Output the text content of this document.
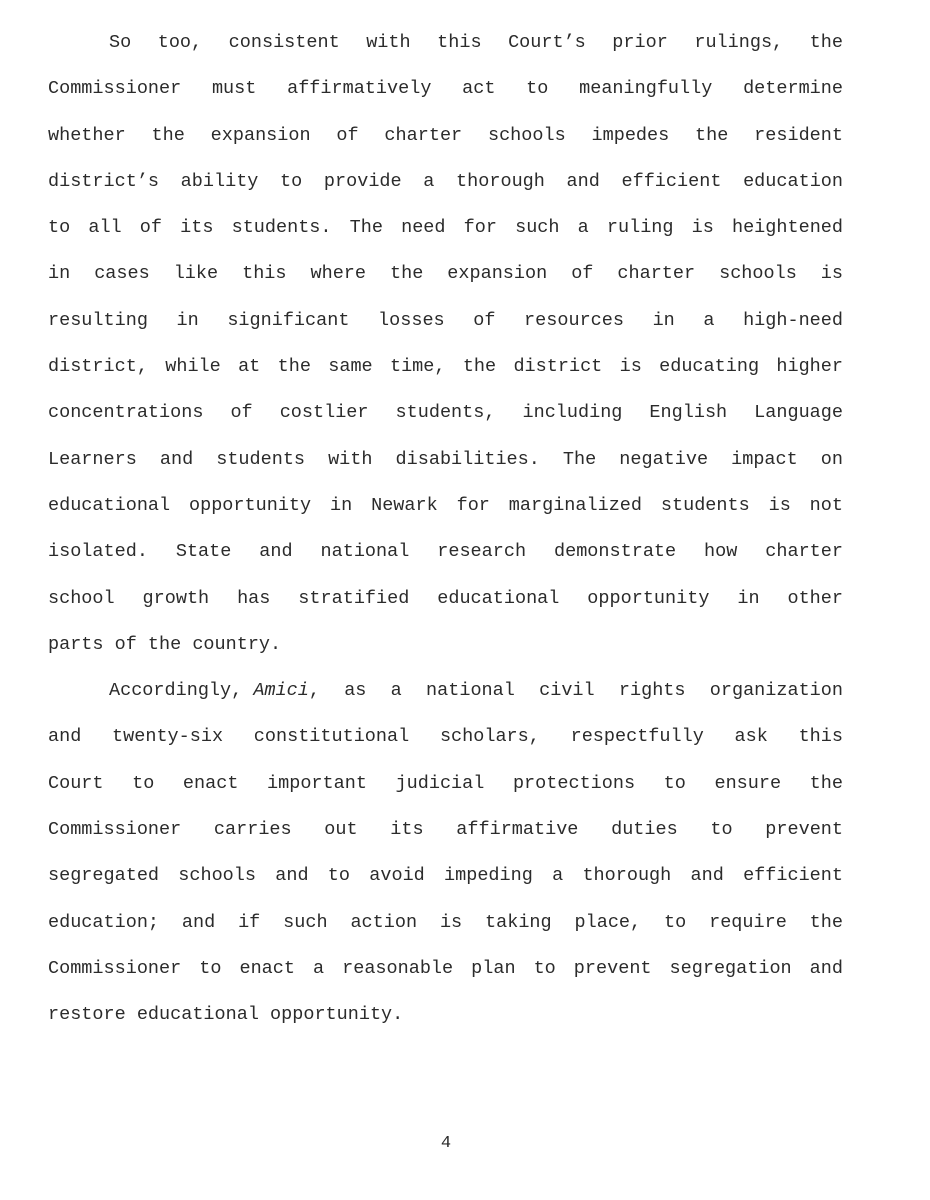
So too, consistent with this Court’s prior rulings, the
Commissioner must affirmatively act to meaningfully determine
whether the expansion of charter schools impedes the resident
district’s ability to provide a thorough and efficient education
to all of its students. The need for such a ruling is heightened
in cases like this where the expansion of charter schools is
resulting in significant losses of resources in a high-need
district, while at the same time, the district is educating higher
concentrations of costlier students, including English Language
Learners and students with disabilities. The negative impact on
educational opportunity in Newark for marginalized students is not
isolated. State and national research demonstrate how charter
school growth has stratified educational opportunity in other
parts of the country.
Accordingly, Amici , as a national civil rights organization
and twenty-six constitutional scholars, respectfully ask this
Court to enact important judicial protections to ensure the
Commissioner carries out its affirmative duties to prevent
segregated schools and to avoid impeding a thorough and efficient
education; and if such action is taking place, to require the
Commissioner to enact a reasonable plan to prevent segregation and
restore educational opportunity.
4
